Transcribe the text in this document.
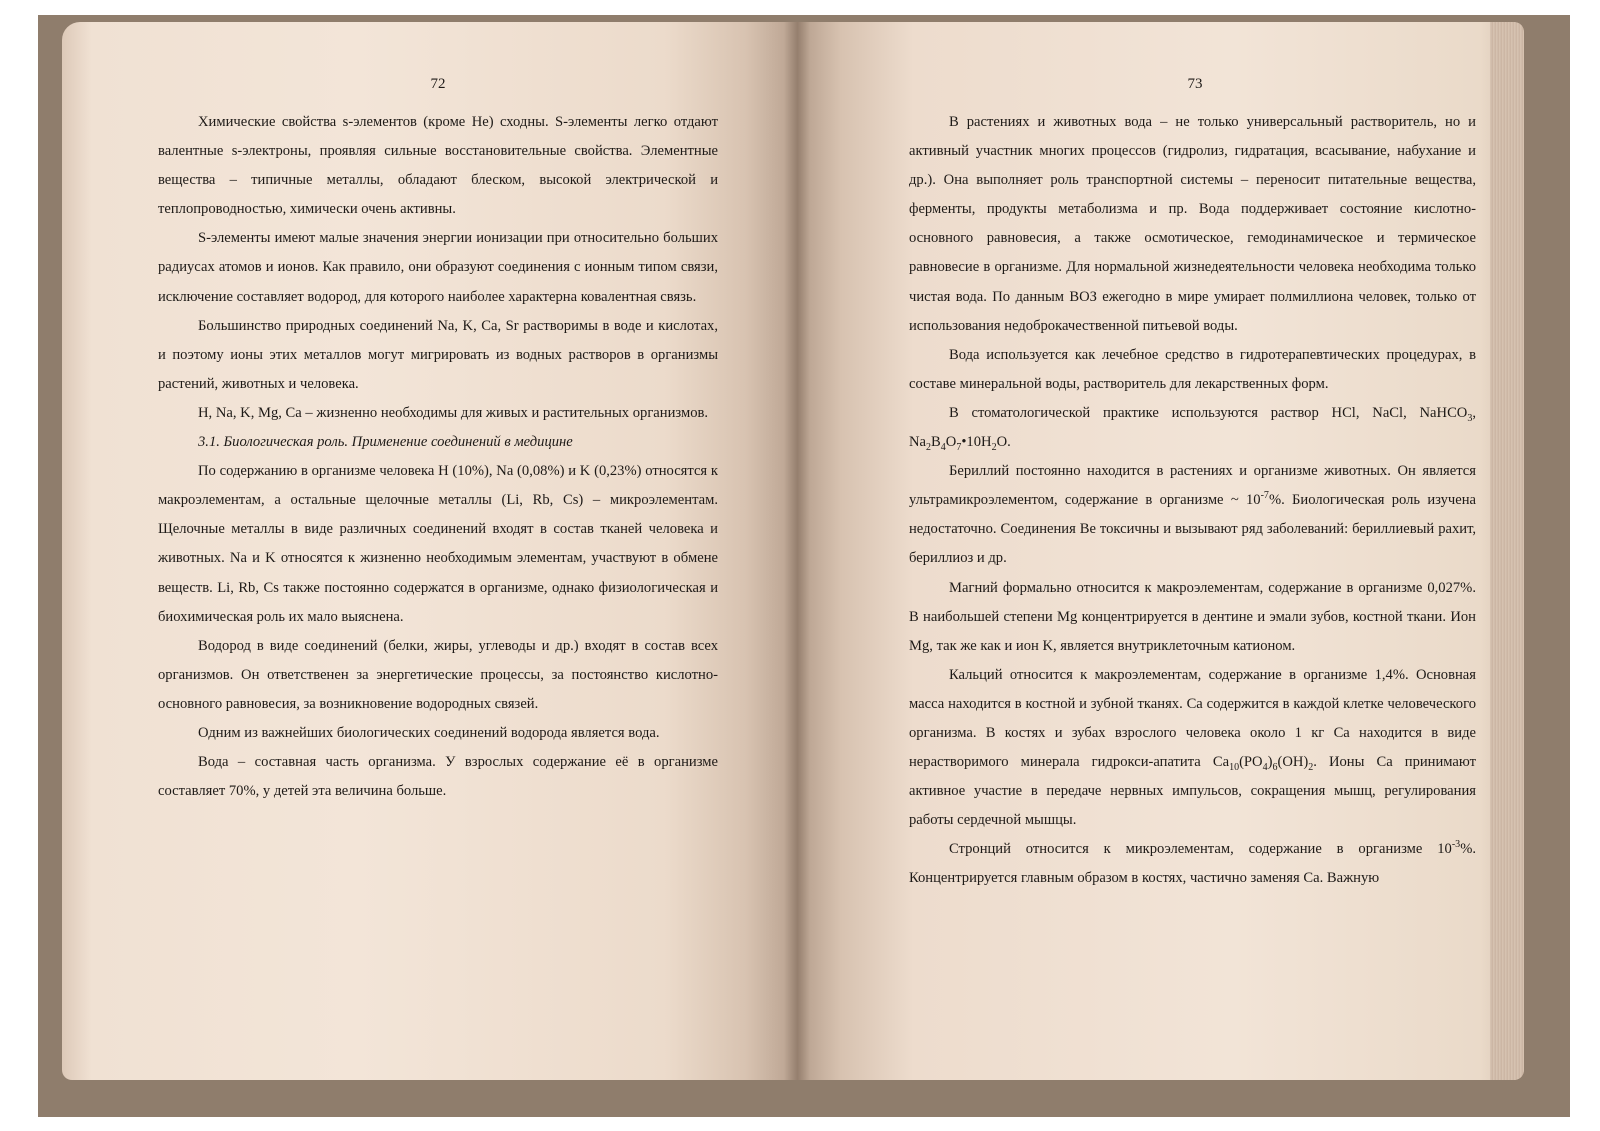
72

Химические свойства s-элементов (кроме He) сходны. S-элементы легко отдают валентные s-электроны, проявляя сильные восстановительные свойства. Элементные вещества – типичные металлы, обладают блеском, высокой электрической и теплопроводностью, химически очень активны.

S-элементы имеют малые значения энергии ионизации при относительно больших радиусах атомов и ионов. Как правило, они образуют соединения с ионным типом связи, исключение составляет водород, для которого наиболее характерна ковалентная связь.

Большинство природных соединений Na, K, Ca, Sr растворимы в воде и кислотах, и поэтому ионы этих металлов могут мигрировать из водных растворов в организмы растений, животных и человека.

H, Na, K, Mg, Ca – жизненно необходимы для живых и растительных организмов.

3.1. Биологическая роль. Применение соединений в медицине

По содержанию в организме человека H (10%), Na (0,08%) и K (0,23%) относятся к макроэлементам, а остальные щелочные металлы (Li, Rb, Cs) – микроэлементам. Щелочные металлы в виде различных соединений входят в состав тканей человека и животных. Na и K относятся к жизненно необходимым элементам, участвуют в обмене веществ. Li, Rb, Cs также постоянно содержатся в организме, однако физиологическая и биохимическая роль их мало выяснена.

Водород в виде соединений (белки, жиры, углеводы и др.) входят в состав всех организмов. Он ответственен за энергетические процессы, за постоянство кислотно-основного равновесия, за возникновение водородных связей.

Одним из важнейших биологических соединений водорода является вода.

Вода – составная часть организма. У взрослых содержание её в организме составляет 70%, у детей эта величина больше.

73

В растениях и животных вода – не только универсальный растворитель, но и активный участник многих процессов (гидролиз, гидратация, всасывание, набухание и др.). Она выполняет роль транспортной системы – переносит питательные вещества, ферменты, продукты метаболизма и пр. Вода поддерживает состояние кислотно-основного равновесия, а также осмотическое, гемодинамическое и термическое равновесие в организме. Для нормальной жизнедеятельности человека необходима только чистая вода. По данным ВОЗ ежегодно в мире умирает полмиллиона человек, только от использования недоброкачественной питьевой воды.

Вода используется как лечебное средство в гидротерапевтических процедурах, в составе минеральной воды, растворитель для лекарственных форм.

В стоматологической практике используются раствор HCl, NaCl, NaHCO$_3$, $Na_2B_4O_7•10H_2O$.

Бериллий постоянно находится в растениях и организме животных. Он является ультрамикроэлементом, содержание в организме ~ $10^{-7}\%$. Биологическая роль изучена недостаточно. Соединения Be токсичны и вызывают ряд заболеваний: бериллиевый рахит, бериллиоз и др.

Магний формально относится к макроэлементам, содержание в организме 0,027%. В наибольшей степени Mg концентрируется в дентине и эмали зубов, костной ткани. Ион Mg, так же как и ион K, является внутриклеточным катионом.

Кальций относится к макроэлементам, содержание в организме 1,4%. Основная масса находится в костной и зубной тканях. Ca содержится в каждой клетке человеческого организма. В костях и зубах взрослого человека около 1 кг Ca находится в виде нерастворимого минерала гидрокси-апатита $Ca_{10}(PO_4)_6(OH)_2$. Ионы Ca принимают активное участие в передаче нервных импульсов, сокращения мышц, регулирования работы сердечной мышцы.

Стронций относится к микроэлементам, содержание в организме $10^{-3}\%$. Концентрируется главным образом в костях, частично заменяя Ca. Важную
